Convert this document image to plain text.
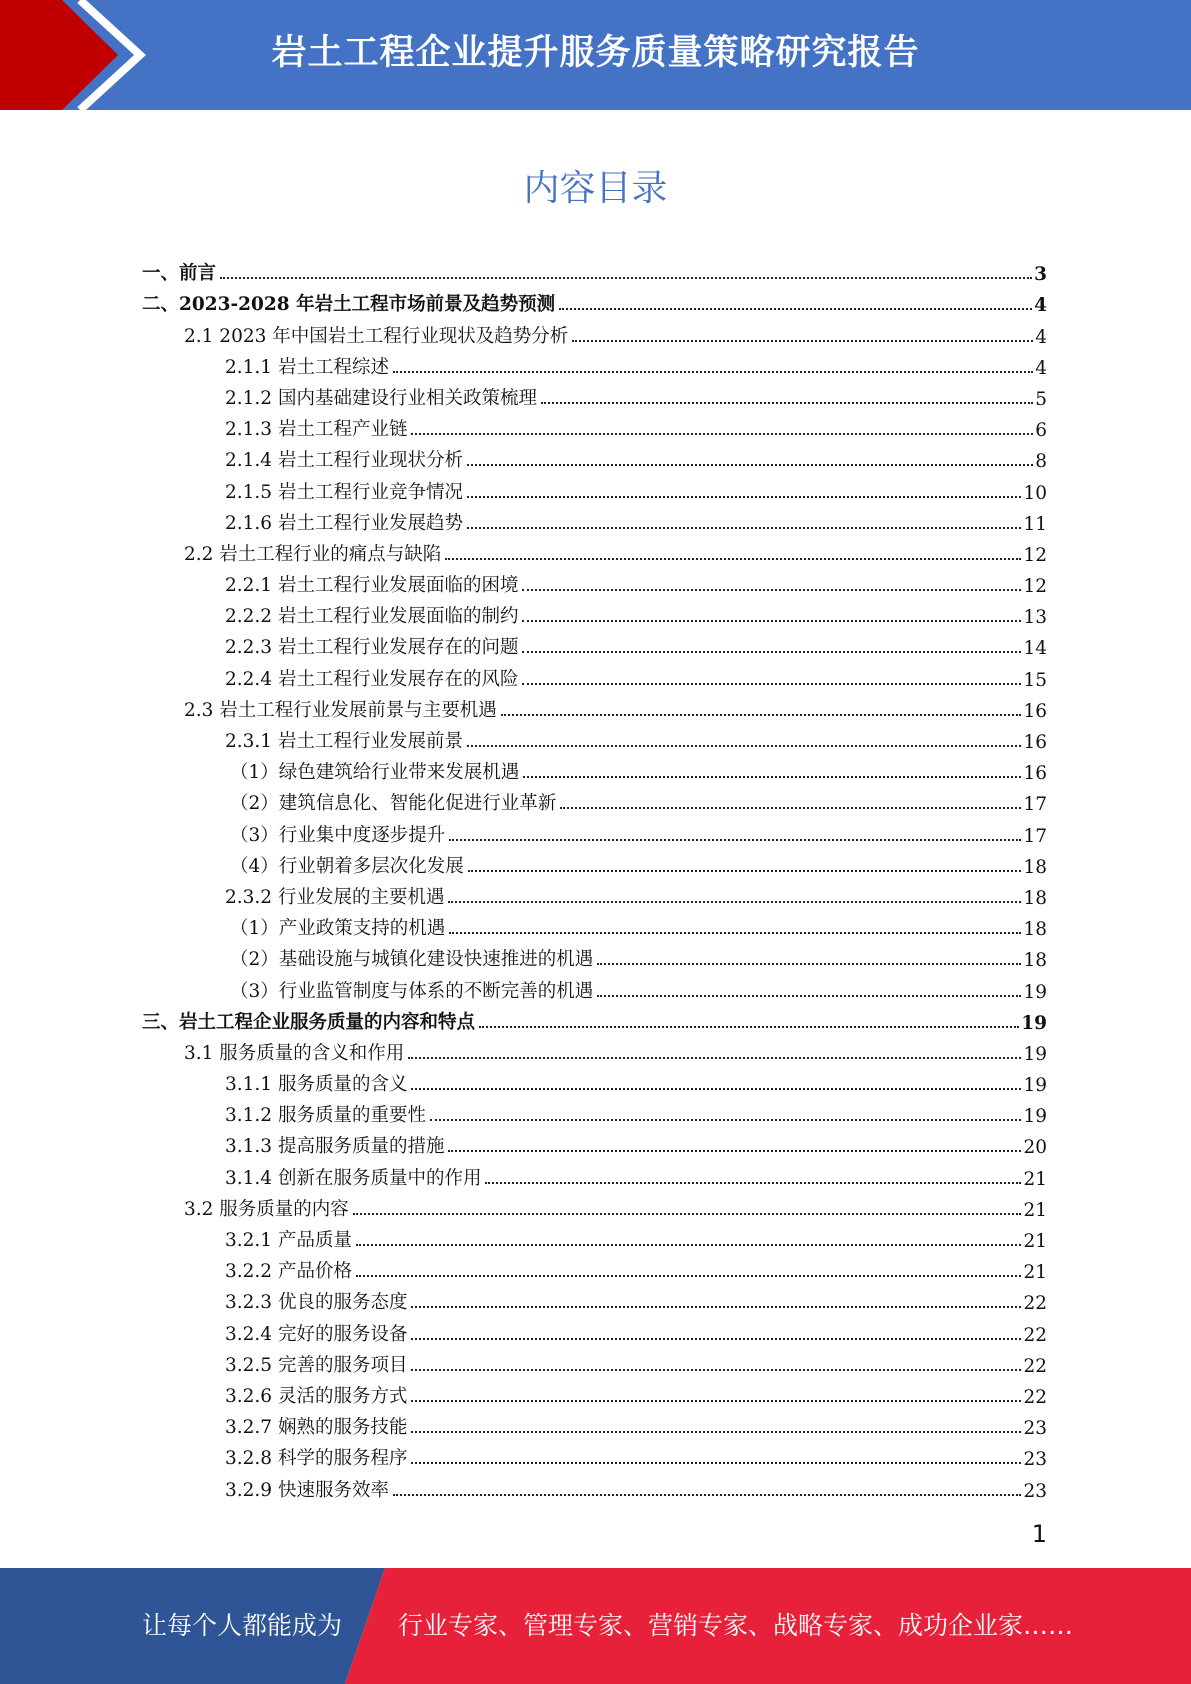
岩土工程企业提升服务质量策略研究报告
内容目录
一、前言	3
二、2023-2028 年岩土工程市场前景及趋势预测	4
2.1 2023 年中国岩土工程行业现状及趋势分析	4
2.1.1 岩土工程综述	4
2.1.2 国内基础建设行业相关政策梳理	5
2.1.3 岩土工程产业链	6
2.1.4 岩土工程行业现状分析	8
2.1.5 岩土工程行业竞争情况	10
2.1.6 岩土工程行业发展趋势	11
2.2 岩土工程行业的痛点与缺陷	12
2.2.1 岩土工程行业发展面临的困境	12
2.2.2 岩土工程行业发展面临的制约	13
2.2.3 岩土工程行业发展存在的问题	14
2.2.4 岩土工程行业发展存在的风险	15
2.3 岩土工程行业发展前景与主要机遇	16
2.3.1 岩土工程行业发展前景	16
（1）绿色建筑给行业带来发展机遇	16
（2）建筑信息化、智能化促进行业革新	17
（3）行业集中度逐步提升	17
（4）行业朝着多层次化发展	18
2.3.2 行业发展的主要机遇	18
（1）产业政策支持的机遇	18
（2）基础设施与城镇化建设快速推进的机遇	18
（3）行业监管制度与体系的不断完善的机遇	19
三、岩土工程企业服务质量的内容和特点	19
3.1 服务质量的含义和作用	19
3.1.1 服务质量的含义	19
3.1.2 服务质量的重要性	19
3.1.3 提高服务质量的措施	20
3.1.4 创新在服务质量中的作用	21
3.2 服务质量的内容	21
3.2.1 产品质量	21
3.2.2 产品价格	21
3.2.3 优良的服务态度	22
3.2.4 完好的服务设备	22
3.2.5 完善的服务项目	22
3.2.6 灵活的服务方式	22
3.2.7 娴熟的服务技能	23
3.2.8 科学的服务程序	23
3.2.9 快速服务效率	23
1
让每个人都能成为 行业专家、管理专家、营销专家、战略专家、成功企业家……
